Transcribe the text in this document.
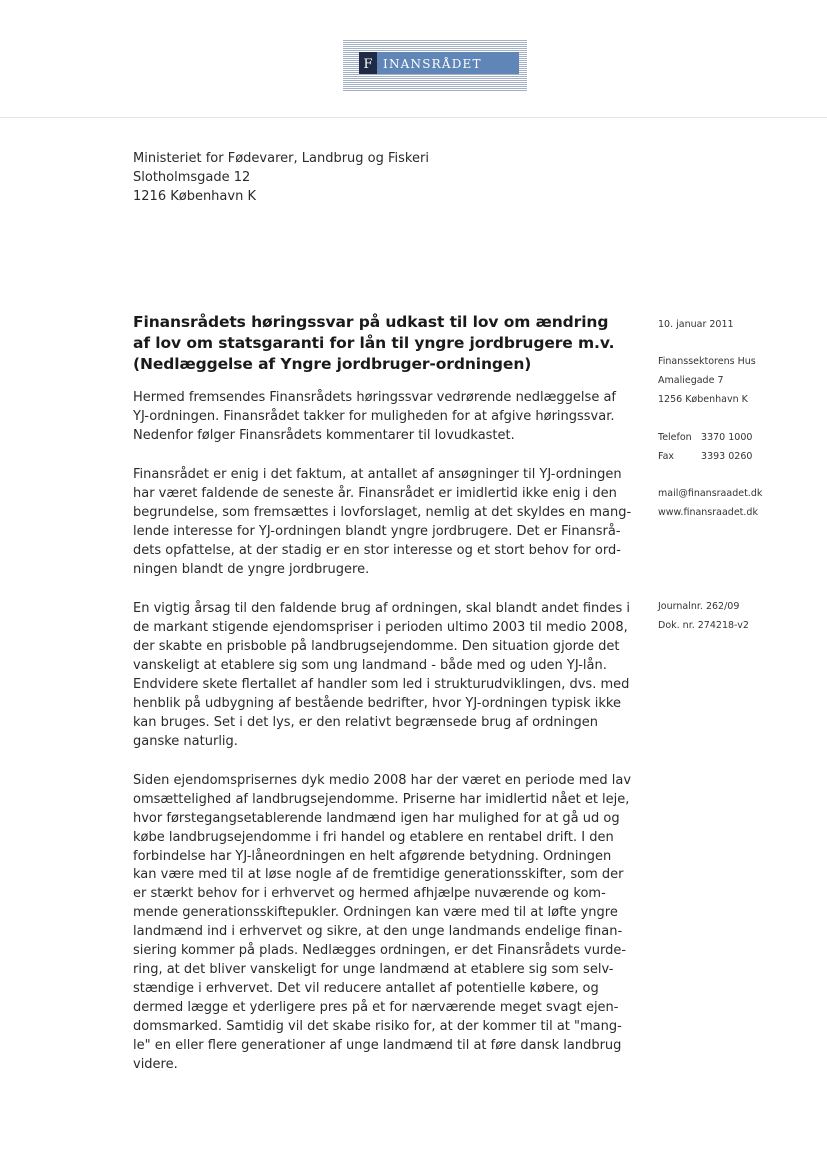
F INANSRÅDET
Ministeriet for Fødevarer, Landbrug og Fiskeri
Slotholmsgade 12
1216 København K
Finansrådets høringssvar på udkast til lov om ændring
af lov om statsgaranti for lån til yngre jordbrugere m.v.
(Nedlæggelse af Yngre jordbruger-ordningen)

Hermed fremsendes Finansrådets høringssvar vedrørende nedlæggelse af
YJ-ordningen. Finansrådet takker for muligheden for at afgive høringssvar.
Nedenfor følger Finansrådets kommentarer til lovudkastet.

Finansrådet er enig i det faktum, at antallet af ansøgninger til YJ-ordningen
har været faldende de seneste år. Finansrådet er imidlertid ikke enig i den
begrundelse, som fremsættes i lovforslaget, nemlig at det skyldes en mang-
lende interesse for YJ-ordningen blandt yngre jordbrugere. Det er Finansrå-
dets opfattelse, at der stadig er en stor interesse og et stort behov for ord-
ningen blandt de yngre jordbrugere.

En vigtig årsag til den faldende brug af ordningen, skal blandt andet findes i
de markant stigende ejendomspriser i perioden ultimo 2003 til medio 2008,
der skabte en prisboble på landbrugsejendomme. Den situation gjorde det
vanskeligt at etablere sig som ung landmand - både med og uden YJ-lån.
Endvidere skete flertallet af handler som led i strukturudviklingen, dvs. med
henblik på udbygning af bestående bedrifter, hvor YJ-ordningen typisk ikke
kan bruges. Set i det lys, er den relativt begrænsede brug af ordningen
ganske naturlig.

Siden ejendomsprisernes dyk medio 2008 har der været en periode med lav
omsættelighed af landbrugsejendomme. Priserne har imidlertid nået et leje,
hvor førstegangsetablerende landmænd igen har mulighed for at gå ud og
købe landbrugsejendomme i fri handel og etablere en rentabel drift. I den
forbindelse har YJ-låneordningen en helt afgørende betydning. Ordningen
kan være med til at løse nogle af de fremtidige generationsskifter, som der
er stærkt behov for i erhvervet og hermed afhjælpe nuværende og kom-
mende generationsskiftepukler. Ordningen kan være med til at løfte yngre
landmænd ind i erhvervet og sikre, at den unge landmands endelige finan-
siering kommer på plads. Nedlægges ordningen, er det Finansrådets vurde-
ring, at det bliver vanskeligt for unge landmænd at etablere sig som selv-
stændige i erhvervet. Det vil reducere antallet af potentielle købere, og
dermed lægge et yderligere pres på et for nærværende meget svagt ejen-
domsmarked. Samtidig vil det skabe risiko for, at der kommer til at "mang-
le" en eller flere generationer af unge landmænd til at føre dansk landbrug
videre.

10. januar 2011
Finanssektorens Hus
Amaliegade 7
1256 København K
Telefon 3370 1000
Fax	3393 0260
mail@finansraadet.dk
www.finansraadet.dk
Journalnr. 262/09
Dok. nr. 274218-v2
